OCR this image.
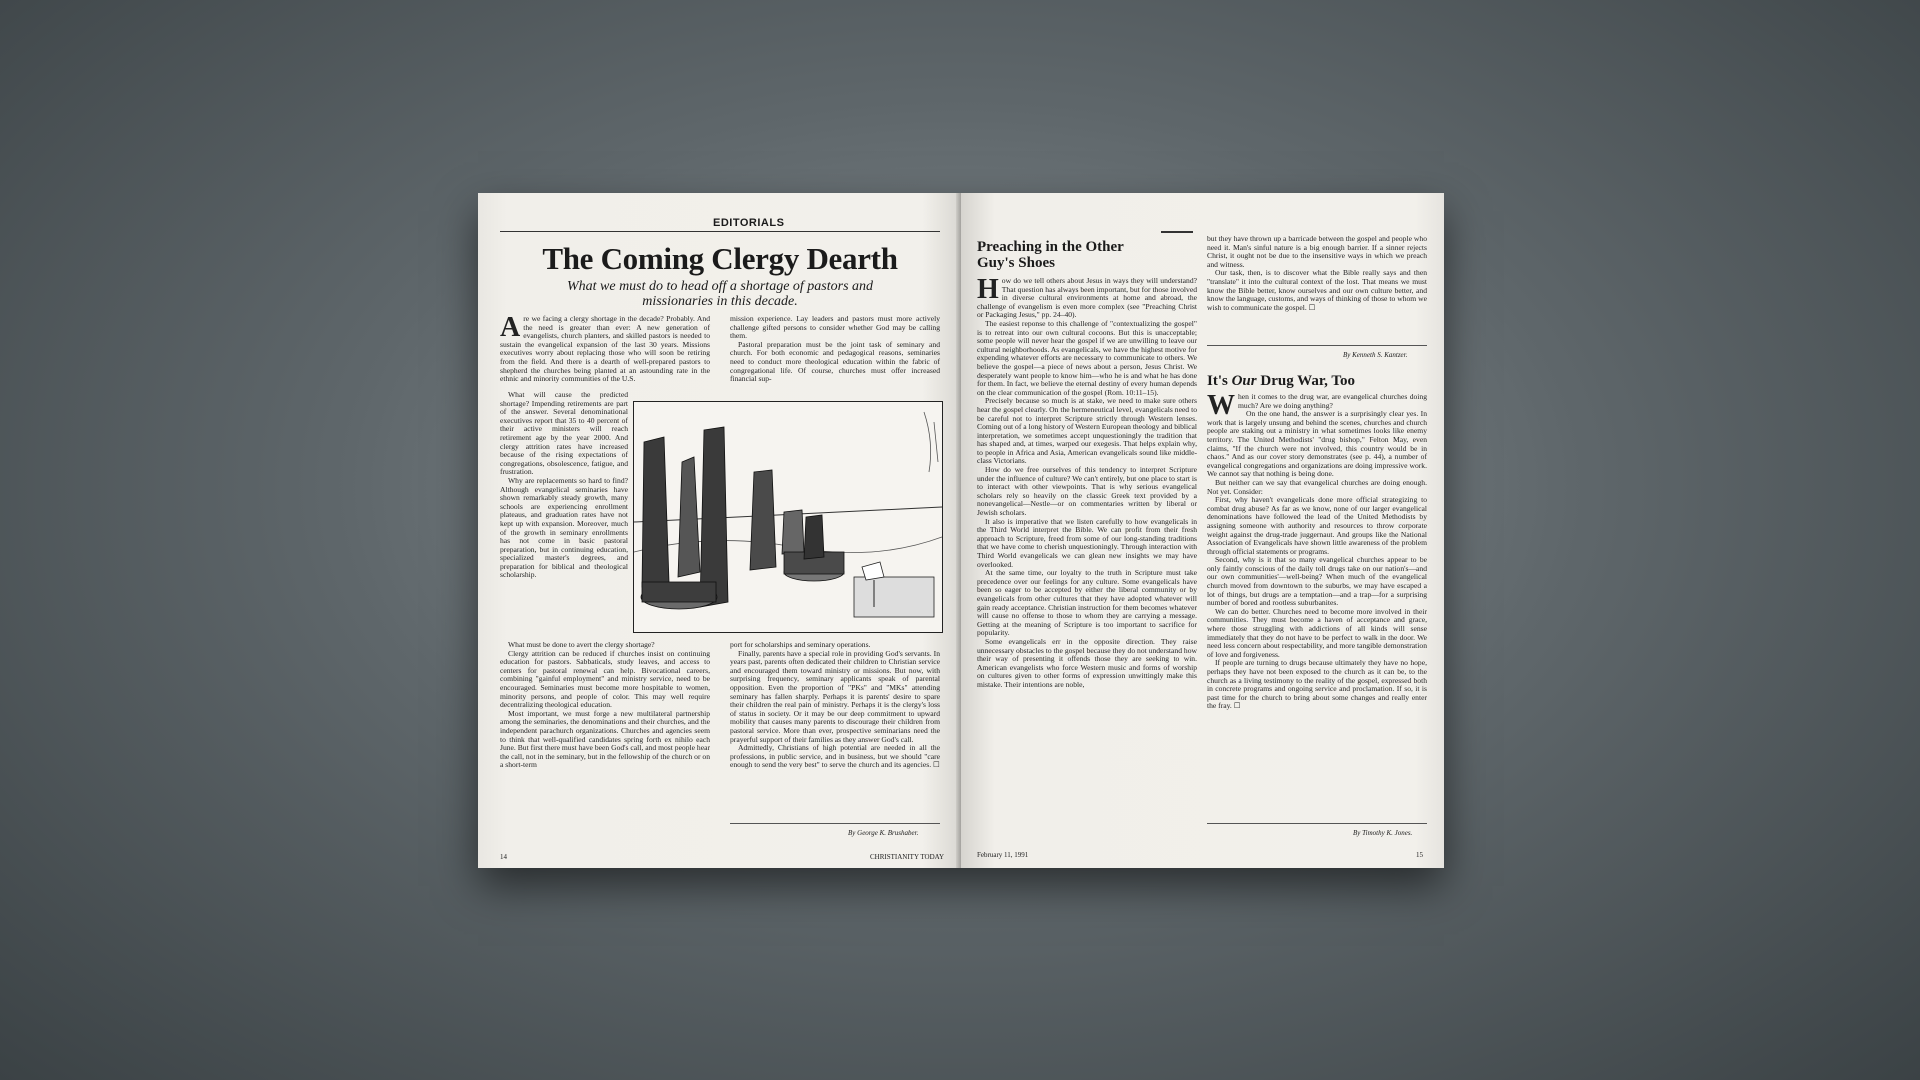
EDITORIALS
The Coming Clergy Dearth
What we must do to head off a shortage of pastors and missionaries in this decade.

Are we facing a clergy shortage in the decade? Probably. And the need is greater than ever: A new generation of evangelists, church planters, and skilled pastors is needed to sustain the evangelical expansion of the last 30 years. Missions executives worry about replacing those who will soon be retiring from the field. And there is a dearth of well-prepared pastors to shepherd the churches being planted at an astounding rate in the ethnic and minority communities of the U.S.

What will cause the predicted shortage? Impending retirements are part of the answer. Several denominational executives report that 35 to 40 percent of their active ministers will reach retirement age by the year 2000. And clergy attrition rates have increased because of the rising expectations of congregations, obsolescence, fatigue, and frustration.

Why are replacements so hard to find? Although evangelical seminaries have shown remarkably steady growth, many schools are experiencing enrollment plateaus, and graduation rates have not kept up with expansion. Moreover, much of the growth in seminary enrollments has not come in basic pastoral preparation, but in continuing education, specialized master's degrees, and preparation for biblical and theological scholarship.

What must be done to avert the clergy shortage?

Clergy attrition can be reduced if churches insist on continuing education for pastors. Sabbaticals, study leaves, and access to centers for pastoral renewal can help. Bivocational careers, combining "gainful employment" and ministry service, need to be encouraged. Seminaries must become more hospitable to women, minority persons, and people of color. This may well require decentralizing theological education.

Most important, we must forge a new multilateral partnership among the seminaries, the denominations and their churches, and the independent parachurch organizations. Churches and agencies seem to think that well-qualified candidates spring forth ex nihilo each June. But first there must have been God's call, and most people hear the call, not in the seminary, but in the fellowship of the church or on a short-term

mission experience. Lay leaders and pastors must more actively challenge gifted persons to consider whether God may be calling them.

Pastoral preparation must be the joint task of seminary and church. For both economic and pedagogical reasons, seminaries need to conduct more theological education within the fabric of congregational life. Of course, churches must offer increased financial sup-

port for scholarships and seminary operations.

Finally, parents have a special role in providing God's servants. In years past, parents often dedicated their children to Christian service and encouraged them toward ministry or missions. But now, with surprising frequency, seminary applicants speak of parental opposition. Even the proportion of "PKs" and "MKs" attending seminary has fallen sharply. Perhaps it is parents' desire to spare their children the real pain of ministry. Perhaps it is the clergy's loss of status in society. Or it may be our deep commitment to upward mobility that causes many parents to discourage their children from pastoral service. More than ever, prospective seminarians need the prayerful support of their families as they answer God's call.

Admittedly, Christians of high potential are needed in all the professions, in public service, and in business, but we should "care enough to send the very best" to serve the church and its agencies. ☐

By George K. Brushaber.
14	CHRISTIANITY TODAY
Preaching in the Other Guy's Shoes

How do we tell others about Jesus in ways they will understand? That question has always been important, but for those involved in diverse cultural environments at home and abroad, the challenge of evangelism is even more complex (see "Preaching Christ or Packaging Jesus," pp. 24–40).

The easiest reponse to this challenge of "contextualizing the gospel" is to retreat into our own cultural cocoons. But this is unacceptable; some people will never hear the gospel if we are unwilling to leave our cultural neighborhoods. As evangelicals, we have the highest motive for expending whatever efforts are necessary to communicate to others. We believe the gospel—a piece of news about a person, Jesus Christ. We desperately want people to know him—who he is and what he has done for them. In fact, we believe the eternal destiny of every human depends on the clear communication of the gospel (Rom. 10:11–15).

Precisely because so much is at stake, we need to make sure others hear the gospel clearly. On the hermeneutical level, evangelicals need to be careful not to interpret Scripture strictly through Western lenses. Coming out of a long history of Western European theology and biblical interpretation, we sometimes accept unquestioningly the tradition that has shaped and, at times, warped our exegesis. That helps explain why, to people in Africa and Asia, American evangelicals sound like middle-class Victorians.

How do we free ourselves of this tendency to interpret Scripture under the influence of culture? We can't entirely, but one place to start is to interact with other viewpoints. That is why serious evangelical scholars rely so heavily on the classic Greek text provided by a nonevangelical—Nestle—or on commentaries written by liberal or Jewish scholars.

It also is imperative that we listen carefully to how evangelicals in the Third World interpret the Bible. We can profit from their fresh approach to Scripture, freed from some of our long-standing traditions that we have come to cherish unquestioningly. Through interaction with Third World evangelicals we can glean new insights we may have overlooked.

At the same time, our loyalty to the truth in Scripture must take precedence over our feelings for any culture. Some evangelicals have been so eager to be accepted by either the liberal community or by evangelicals from other cultures that they have adopted whatever will gain ready acceptance. Christian instruction for them becomes whatever will cause no offense to those to whom they are carrying a message. Getting at the meaning of Scripture is too important to sacrifice for popularity.

Some evangelicals err in the opposite direction. They raise unnecessary obstacles to the gospel because they do not understand how their way of presenting it offends those they are seeking to win. American evangelists who force Western music and forms of worship on cultures given to other forms of expression unwittingly make this mistake. Their intentions are noble,

but they have thrown up a barricade between the gospel and people who need it. Man's sinful nature is a big enough barrier. If a sinner rejects Christ, it ought not be due to the insensitive ways in which we preach and witness.

Our task, then, is to discover what the Bible really says and then "translate" it into the cultural context of the lost. That means we must know the Bible better, know ourselves and our own culture better, and know the language, customs, and ways of thinking of those to whom we wish to communicate the gospel. ☐

By Kenneth S. Kantzer.
It's Our Drug War, Too

When it comes to the drug war, are evangelical churches doing much? Are we doing anything?

On the one hand, the answer is a surprisingly clear yes. In work that is largely unsung and behind the scenes, churches and church people are staking out a ministry in what sometimes looks like enemy territory. The United Methodists' "drug bishop," Felton May, even claims, "If the church were not involved, this country would be in chaos." And as our cover story demonstrates (see p. 44), a number of evangelical congregations and organizations are doing impressive work. We cannot say that nothing is being done.

But neither can we say that evangelical churches are doing enough. Not yet. Consider:

First, why haven't evangelicals done more official strategizing to combat drug abuse? As far as we know, none of our larger evangelical denominations have followed the lead of the United Methodists by assigning someone with authority and resources to throw corporate weight against the drug-trade juggernaut. And groups like the National Association of Evangelicals have shown little awareness of the problem through official statements or programs.

Second, why is it that so many evangelical churches appear to be only faintly conscious of the daily toll drugs take on our nation's—and our own communities'—well-being? When much of the evangelical church moved from downtown to the suburbs, we may have escaped a lot of things, but drugs are a temptation—and a trap—for a surprising number of bored and rootless suburbanites.

We can do better. Churches need to become more involved in their communities. They must become a haven of acceptance and grace, where those struggling with addictions of all kinds will sense immediately that they do not have to be perfect to walk in the door. We need less concern about respectability, and more tangible demonstration of love and forgiveness.

If people are turning to drugs because ultimately they have no hope, perhaps they have not been exposed to the church as it can be, to the church as a living testimony to the reality of the gospel, expressed both in concrete programs and ongoing service and proclamation. If so, it is past time for the church to bring about some changes and really enter the fray. ☐

By Timothy K. Jones.
February 11, 1991	15
